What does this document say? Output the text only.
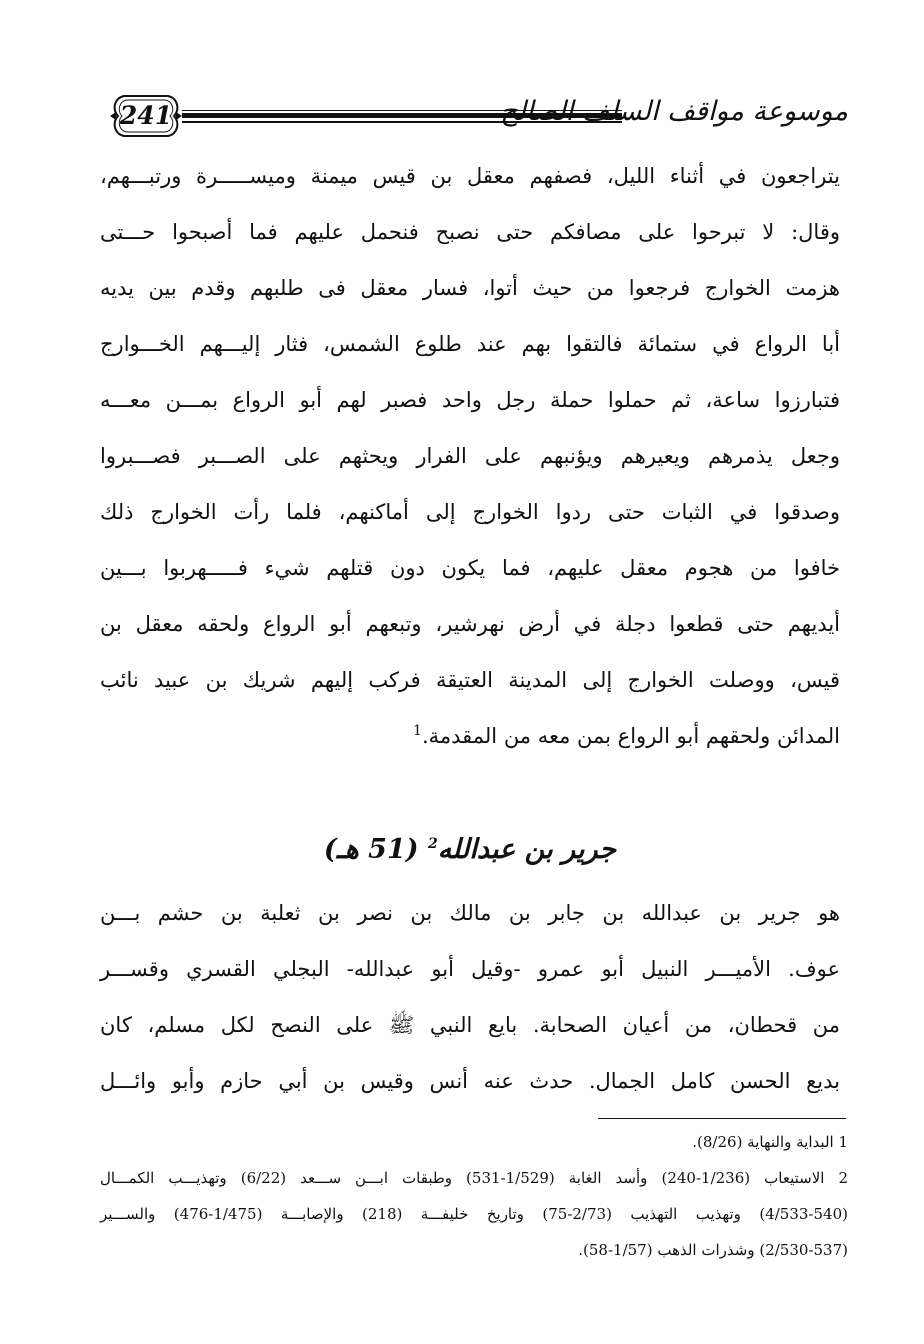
241	موسوعة مواقف السلف الصالح
يتراجعون في أثناء الليل، فصفهم معقل بن قيس ميمنة وميســـــرة ورتبـــهم،
وقال: لا تبرحوا على مصافكم حتى نصبح فنحمل عليهم فما أصبحوا حـــتى
هزمت الخوارج فرجعوا من حيث أتوا، فسار معقل فى طلبهم وقدم بين يديه
أبا الرواع في ستمائة فالتقوا بهم عند طلوع الشمس، فثار إليـــهم الخـــوارج
فتبارزوا ساعة، ثم حملوا حملة رجل واحد فصبر لهم أبو الرواع بمـــن معـــه
وجعل يذمرهم ويعيرهم ويؤنبهم على الفرار ويحثهم على الصـــبر فصـــبروا
وصدقوا في الثبات حتى ردوا الخوارج إلى أماكنهم، فلما رأت الخوارج ذلك
خافوا من هجوم معقل عليهم، فما يكون دون قتلهم شيء فـــــهربوا بـــين
أيديهم حتى قطعوا دجلة في أرض نهرشير، وتبعهم أبو الرواع ولحقه معقل بن
قيس، ووصلت الخوارج إلى المدينة العتيقة فركب إليهم شريك بن عبيد نائب
المدائن ولحقهم أبو الرواع بمن معه من المقدمة.$^1$
جرير بن عبدالله$^2$ (51 هـ)
هو جرير بن عبدالله بن جابر بن مالك بن نصر بن ثعلبة بن حشم بـــن
عوف. الأميـــر النبيل أبو عمرو -وقيل أبو عبدالله- البجلي القسري وقســـر
من قحطان، من أعيان الصحابة. بايع النبي ﷺ على النصح لكل مسلم، كان
بديع الحسن كامل الجمال. حدث عنه أنس وقيس بن أبي حازم وأبو وائـــل
1 البداية والنهاية (8/26).
2 الاستيعاب (1/236-240) وأسد الغابة (1/529-531) وطبقات ابـــن ســـعد (6/22) وتهذيـــب الكمـــال
(4/533-540) وتهذيب التهذيب (2/73-75) وتاريخ خليفـــة (218) والإصابـــة (1/475-476) والســـير
(2/530-537) وشذرات الذهب (1/57-58).
